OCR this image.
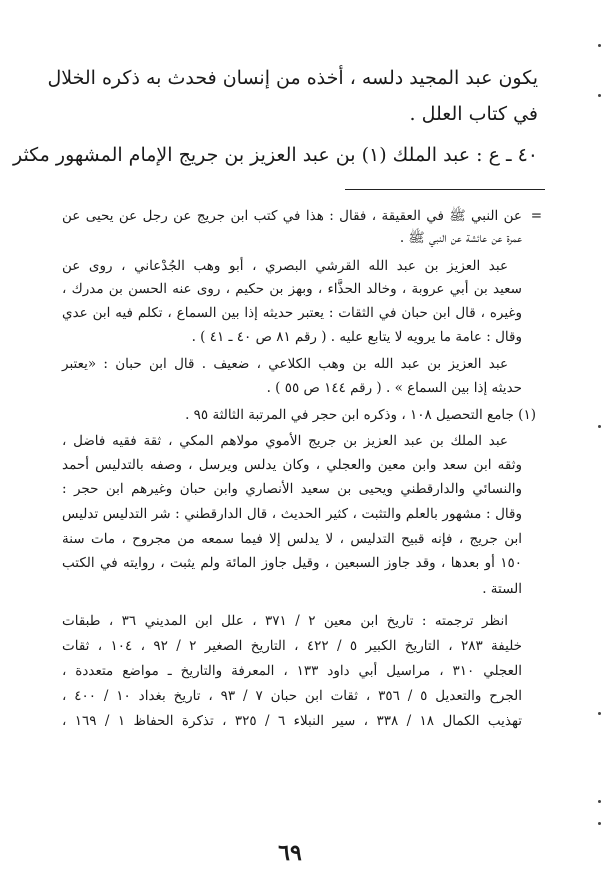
يكون عبد المجيد دلسه ، أخذه من إنسان فحدث به ذكره الخلال
في كتاب العلل .
٤٠ ـ ع : عبد الملك (١) بن عبد العزيز بن جريج الإمام المشهور مكثر
=
عن النبي ﷺ في العقيقة ، فقال : هذا في كتب ابن جريج عن رجل عن يحيى عن
عمرة عن عائشة عن النبي ﷺ .
عبد العزيز بن عبد الله القرشي البصري ، أبو وهب الجُدْعاني ، روى عن
سعيد بن أبي عروبة ، وخالد الحذَّاء ، وبهز بن حكيم ، روى عنه الحسن بن مدرك ،
وغيره ، قال ابن حبان في الثقات : يعتبر حديثه إذا بين السماع ، تكلم فيه ابن عدي
وقال : عامة ما يرويه لا يتابع عليه . ( رقم ٨١ ص ٤٠ ـ ٤١ ) .
عبد العزيز بن عبد الله بن وهب الكلاعي ، ضعيف . قال ابن حبان : «يعتبر
حديثه إذا بين السماع » . ( رقم ١٤٤ ص ٥٥ ) .
(١) جامع التحصيل ١٠٨ ، وذكره ابن حجر في المرتبة الثالثة ٩٥ .
عبد الملك بن عبد العزيز بن جريج الأموي مولاهم المكي ، ثقة فقيه فاضل ،
وثقه ابن سعد وابن معين والعجلي ، وكان يدلس ويرسل ، وصفه بالتدليس أحمد
والنسائي والدارقطني ويحيى بن سعيد الأنصاري وابن حبان وغيرهم ابن حجر :
وقال : مشهور بالعلم والتثبت ، كثير الحديث ، قال الدارقطني : شر التدليس تدليس
ابن جريج ، فإنه قبيح التدليس ، لا يدلس إلا فيما سمعه من مجروح ، مات سنة
١٥٠ أو بعدها ، وقد جاوز السبعين ، وقيل جاوز المائة ولم يثبت ، روايته في الكتب
الستة .
انظر ترجمته : تاريخ ابن معين ٢ / ٣٧١ ، علل ابن المديني ٣٦ ، طبقات
خليفة ٢٨٣ ، التاريخ الكبير ٥ / ٤٢٢ ، التاريخ الصغير ٢ / ٩٢ ، ١٠٤ ، ثقات
العجلي ٣١٠ ، مراسيل أبي داود ١٣٣ ، المعرفة والتاريخ ـ مواضع متعددة ،
الجرح والتعديل ٥ / ٣٥٦ ، ثقات ابن حبان ٧ / ٩٣ ، تاريخ بغداد ١٠ / ٤٠٠ ،
تهذيب الكمال ١٨ / ٣٣٨ ، سير النبلاء ٦ / ٣٢٥ ، تذكرة الحفاظ ١ / ١٦٩ ،
٦٩
